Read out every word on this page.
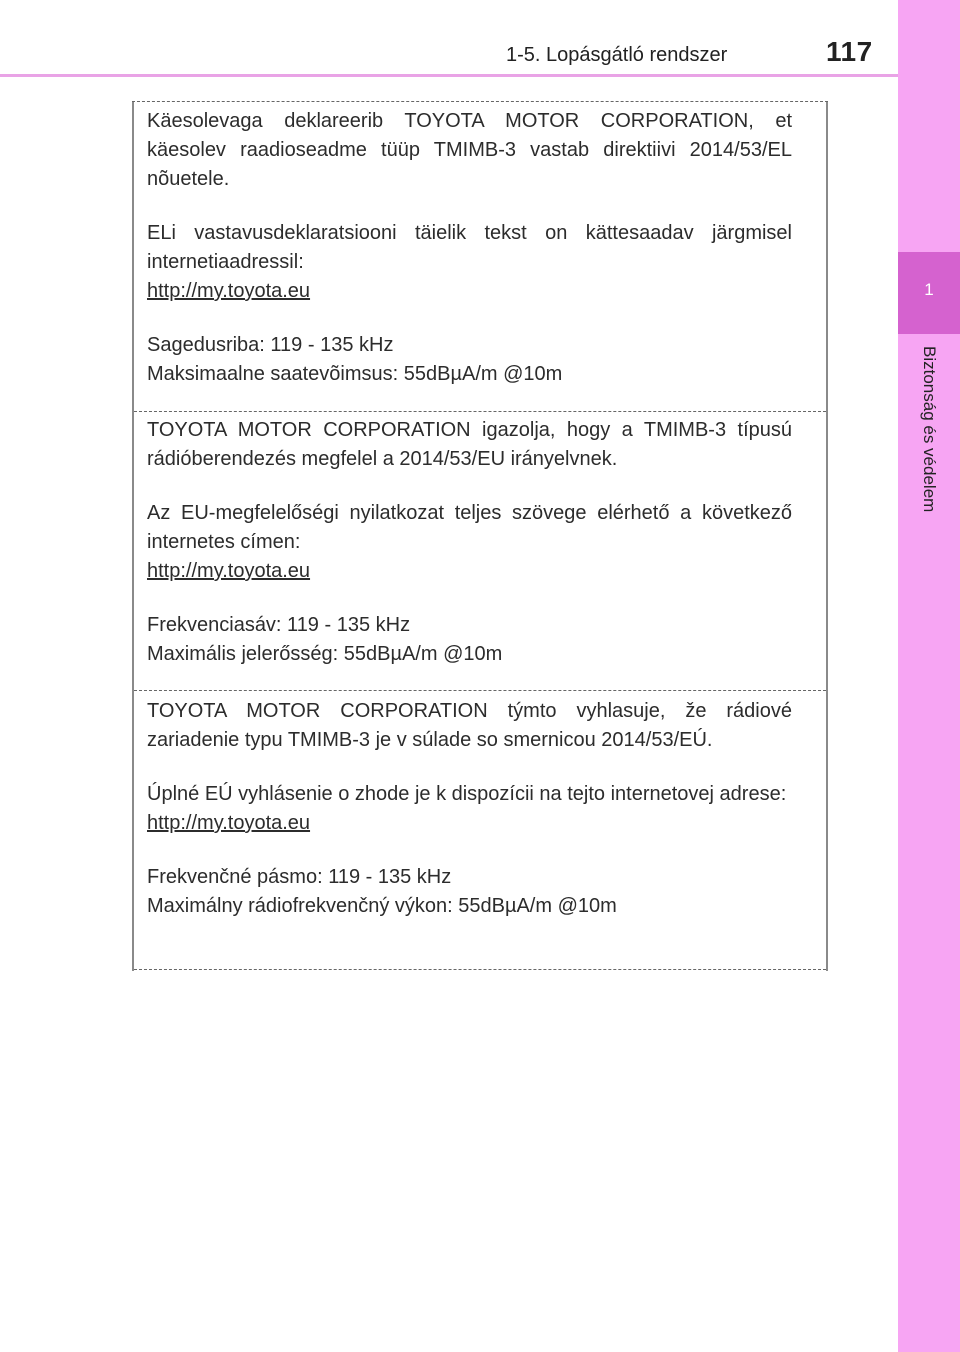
1-5. Lopásgátló rendszer	117
1
Biztonság és védelem

Käesolevaga deklareerib TOYOTA MOTOR CORPORATION, et käesolev raadioseadme tüüp TMIMB-3 vastab direktiivi 2014/53/EL nõuetele.

ELi vastavusdeklaratsiooni täielik tekst on kättesaadav järgmisel internetiaadressil:

http://my.toyota.eu

Sagedusriba: 119 - 135 kHz

Maksimaalne saatevõimsus: 55dBµA/m @10m

TOYOTA MOTOR CORPORATION igazolja, hogy a TMIMB-3 típusú rádióberendezés megfelel a 2014/53/EU irányelvnek.

Az EU-megfelelőségi nyilatkozat teljes szövege elérhető a következő internetes címen:

http://my.toyota.eu

Frekvenciasáv: 119 - 135 kHz

Maximális jelerősség: 55dBµA/m @10m

TOYOTA MOTOR CORPORATION týmto vyhlasuje, že rádiové zariadenie typu TMIMB-3 je v súlade so smernicou 2014/53/EÚ.

Úplné EÚ vyhlásenie o zhode je k dispozícii na tejto internetovej adrese:

http://my.toyota.eu

Frekvenčné pásmo: 119 - 135 kHz

Maximálny rádiofrekvenčný výkon: 55dBµA/m @10m
